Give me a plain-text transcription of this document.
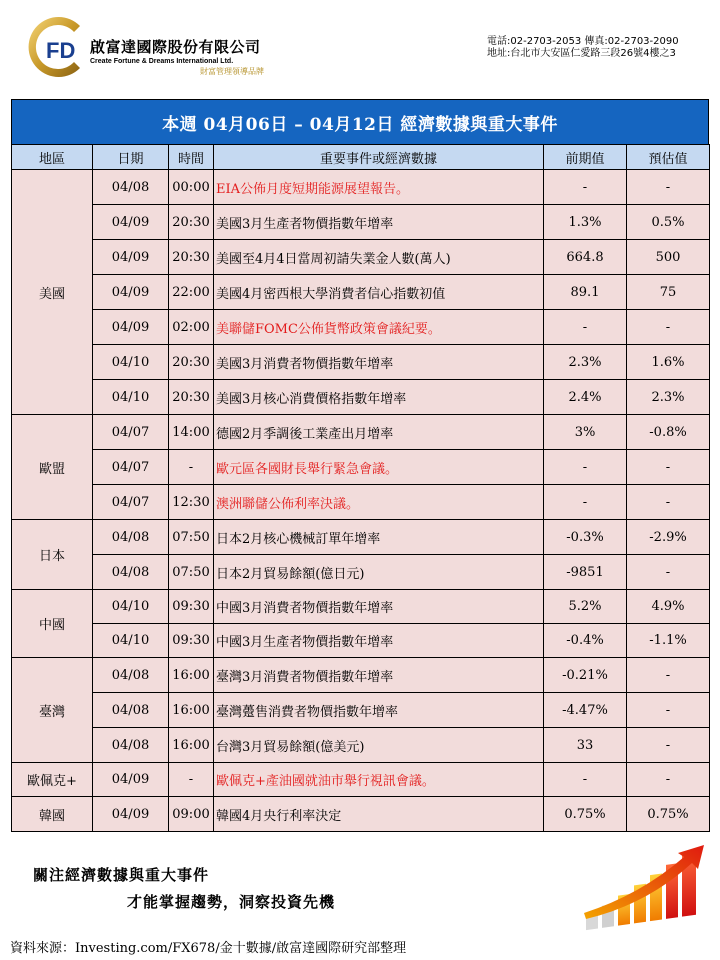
FD 啟富達國際股份有限公司
Create Fortune & Dreams International Ltd.
財富管理領導品牌
電話:02-2703-2053 傳真:02-2703-2090
地址:台北市大安區仁愛路三段26號4樓之3
本週 04月06日 – 04月12日 經濟數據與重大事件
地區	日期	時間	重要事件或經濟數據	前期值	預估值
美國	04/08	00:00	EIA公佈月度短期能源展望報告。	-	-
	04/09	20:30	美國3月生產者物價指數年增率	1.3%	0.5%
	04/09	20:30	美國至4月4日當周初請失業金人數(萬人)	664.8	500
	04/09	22:00	美國4月密西根大學消費者信心指數初值	89.1	75
	04/09	02:00	美聯儲FOMC公佈貨幣政策會議紀要。	-	-
	04/10	20:30	美國3月消費者物價指數年增率	2.3%	1.6%
	04/10	20:30	美國3月核心消費價格指數年增率	2.4%	2.3%
歐盟	04/07	14:00	德國2月季調後工業產出月增率	3%	-0.8%
	04/07	-	歐元區各國財長舉行緊急會議。	-	-
	04/07	12:30	澳洲聯儲公佈利率決議。	-	-
日本	04/08	07:50	日本2月核心機械訂單年增率	-0.3%	-2.9%
	04/08	07:50	日本2月貿易餘額(億日元)	-9851	-
中國	04/10	09:30	中國3月消費者物價指數年增率	5.2%	4.9%
	04/10	09:30	中國3月生產者物價指數年增率	-0.4%	-1.1%
臺灣	04/08	16:00	臺灣3月消費者物價指數年增率	-0.21%	-
	04/08	16:00	臺灣躉售消費者物價指數年增率	-4.47%	-
	04/08	16:00	台灣3月貿易餘額(億美元)	33	-
歐佩克+	04/09	-	歐佩克+產油國就油市舉行視訊會議。	-	-
韓國	04/09	09:00	韓國4月央行利率決定	0.75%	0.75%
關注經濟數據與重大事件
才能掌握趨勢，洞察投資先機
資料來源：Investing.com/FX678/金十數據/啟富達國際研究部整理
